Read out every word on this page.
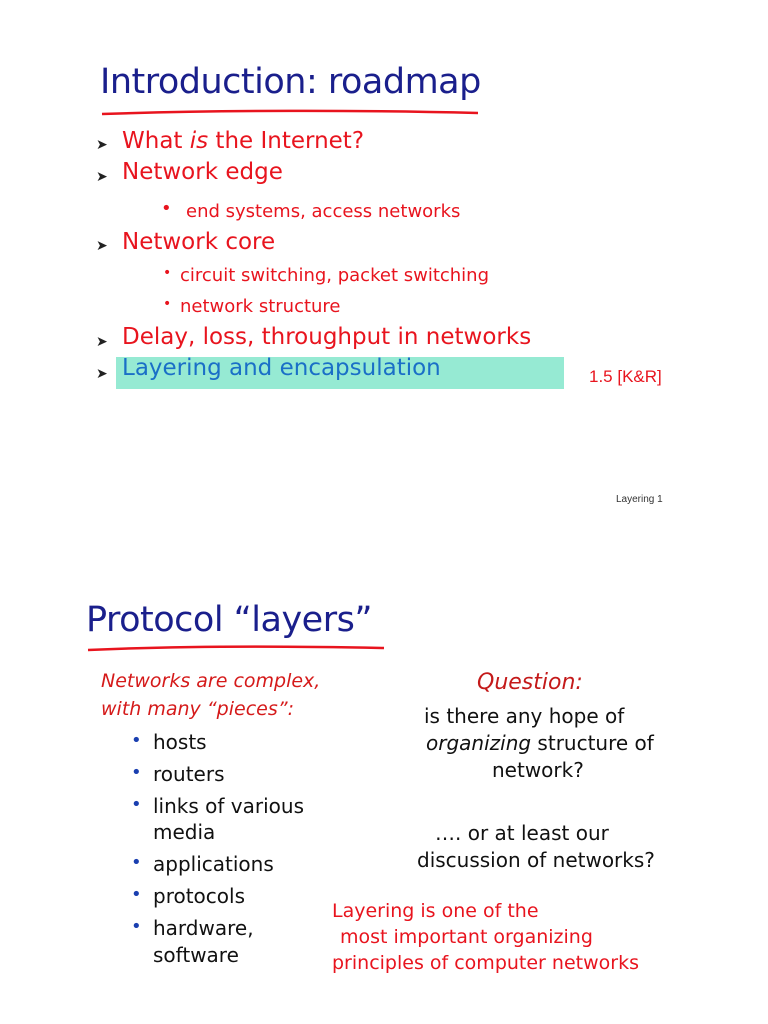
Introduction: roadmap
➤ What is the Internet?
➤ Network edge
• end systems, access networks
➤ Network core
• circuit switching, packet switching
• network structure
➤ Delay, loss, throughput in networks
➤ Layering and encapsulation	1.5 [K&R]
Layering 1
Protocol “layers”
Networks are complex,
with many “pieces”:
• hosts
• routers
• links of various
media
• applications
• protocols
• hardware,
software
Question:
is there any hope of
organizing structure of
network?
…. or at least our
discussion of networks?
Layering is one of the
most important organizing
principles of computer networks
